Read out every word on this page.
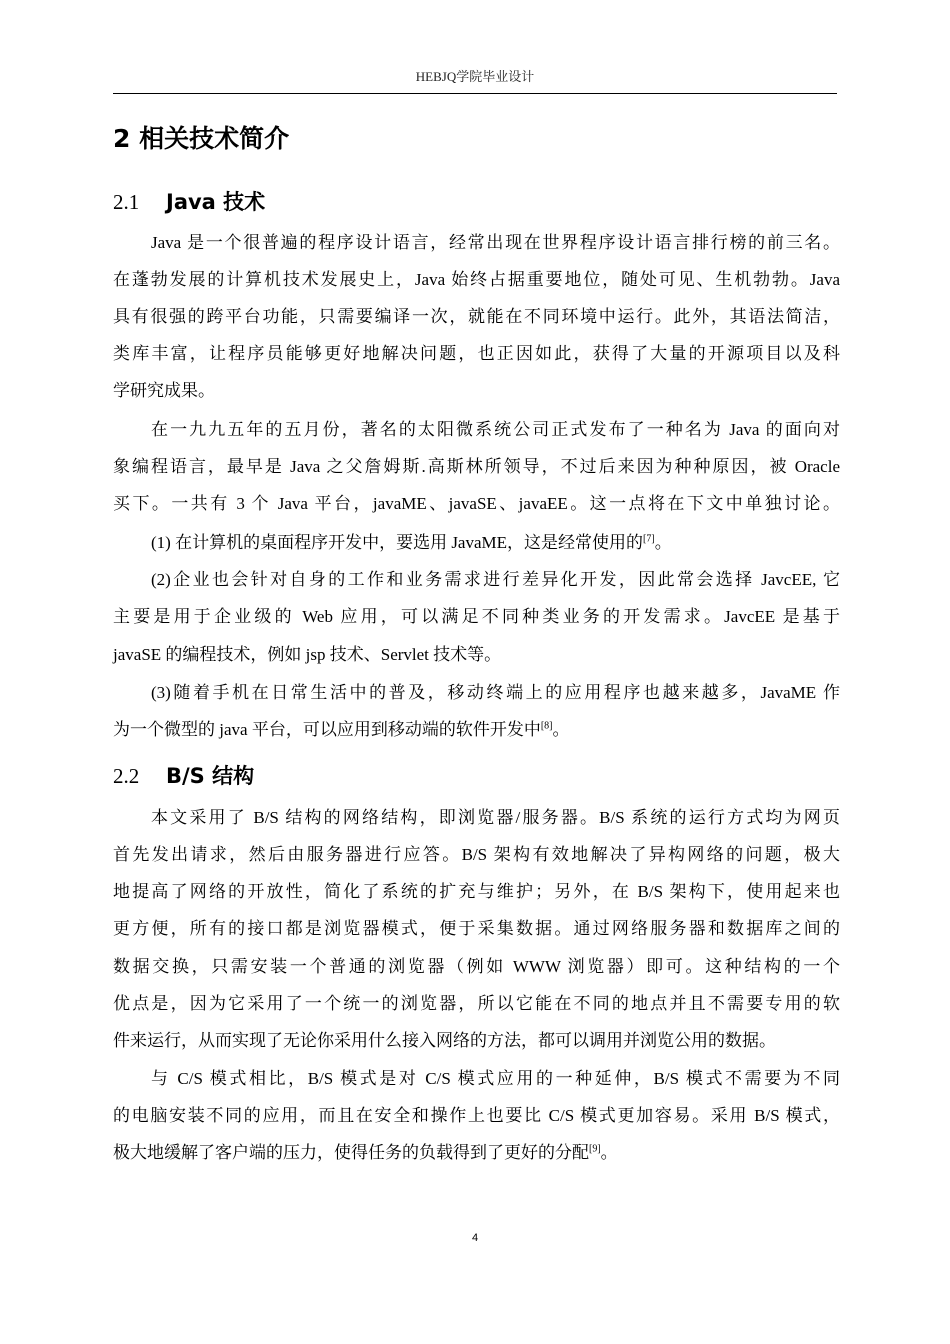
HEBJQ学院毕业设计
2 相关技术简介
2.1 Java 技术
Java 是一个很普遍的程序设计语言，经常出现在世界程序设计语言排行榜的前三名。
在蓬勃发展的计算机技术发展史上，Java 始终占据重要地位，随处可见、生机勃勃。Java
具有很强的跨平台功能，只需要编译一次，就能在不同环境中运行。此外，其语法简洁，
类库丰富，让程序员能够更好地解决问题，也正因如此，获得了大量的开源项目以及科
学研究成果。
在一九九五年的五月份，著名的太阳微系统公司正式发布了一种名为 Java 的面向对
象编程语言，最早是 Java 之父詹姆斯.高斯林所领导，不过后来因为种种原因，被 Oracle
买下。一共有 3 个 Java 平台，javaME、javaSE、javaEE。这一点将在下文中单独讨论。
(1) 在计算机的桌面程序开发中，要选用 JavaME，这是经常使用的[7]。
(2)企业也会针对自身的工作和业务需求进行差异化开发，因此常会选择 JavcEE, 它
主要是用于企业级的 Web 应用，可以满足不同种类业务的开发需求。JavcEE 是基于
javaSE 的编程技术，例如 jsp 技术、Servlet 技术等。
(3)随着手机在日常生活中的普及，移动终端上的应用程序也越来越多，JavaME 作
为一个微型的 java 平台，可以应用到移动端的软件开发中[8]。
2.2 B/S 结构
本文采用了 B/S 结构的网络结构，即浏览器/服务器。B/S 系统的运行方式均为网页
首先发出请求，然后由服务器进行应答。B/S 架构有效地解决了异构网络的问题，极大
地提高了网络的开放性，简化了系统的扩充与维护；另外，在 B/S 架构下，使用起来也
更方便，所有的接口都是浏览器模式，便于采集数据。通过网络服务器和数据库之间的
数据交换，只需安装一个普通的浏览器（例如 WWW 浏览器）即可。这种结构的一个
优点是，因为它采用了一个统一的浏览器，所以它能在不同的地点并且不需要专用的软
件来运行，从而实现了无论你采用什么接入网络的方法，都可以调用并浏览公用的数据。
与 C/S 模式相比，B/S 模式是对 C/S 模式应用的一种延伸，B/S 模式不需要为不同
的电脑安装不同的应用，而且在安全和操作上也要比 C/S 模式更加容易。采用 B/S 模式，
极大地缓解了客户端的压力，使得任务的负载得到了更好的分配[9]。
4
